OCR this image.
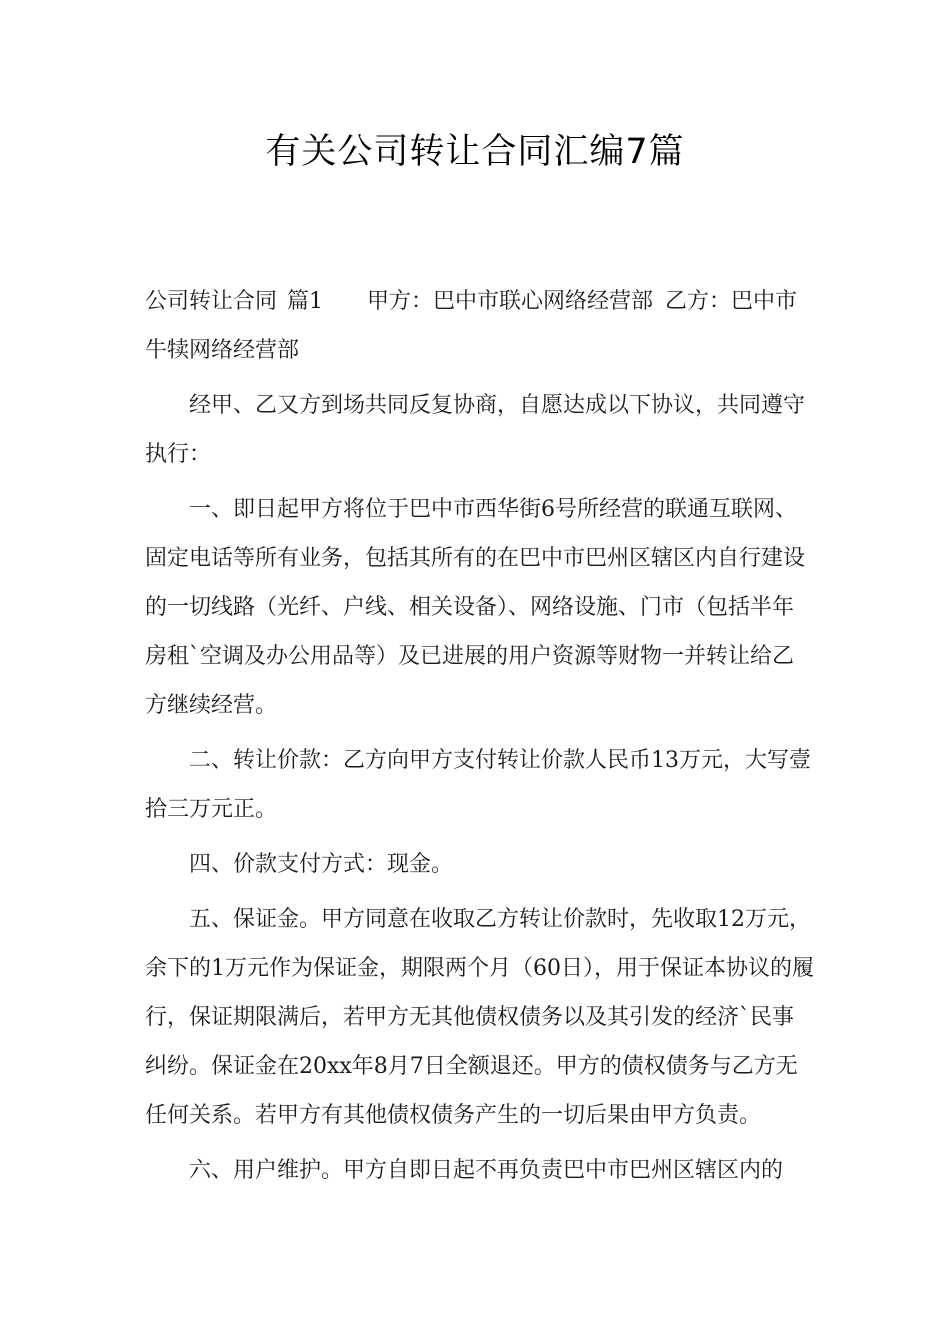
有关公司转让合同汇编7篇

公司转让合同 篇1 甲方：巴中市联心网络经营部 乙方：巴中市牛犊网络经营部

经甲、乙又方到场共同反复协商，自愿达成以下协议，共同遵守执行：

一、即日起甲方将位于巴中市西华街6号所经营的联通互联网、固定电话等所有业务，包括其所有的在巴中市巴州区辖区内自行建设的一切线路（光纤、户线、相关设备）、网络设施、门市（包括半年房租`空调及办公用品等）及已进展的用户资源等财物一并转让给乙方继续经营。

二、转让价款：乙方向甲方支付转让价款人民币13万元，大写壹拾三万元正。

四、价款支付方式：现金。

五、保证金。甲方同意在收取乙方转让价款时，先收取12万元，余下的1万元作为保证金，期限两个月（60日），用于保证本协议的履行，保证期限满后，若甲方无其他债权债务以及其引发的经济`民事纠纷。保证金在20xx年8月7日全额退还。甲方的债权债务与乙方无任何关系。若甲方有其他债权债务产生的一切后果由甲方负责。

六、用户维护。甲方自即日起不再负责巴中市巴州区辖区内的
